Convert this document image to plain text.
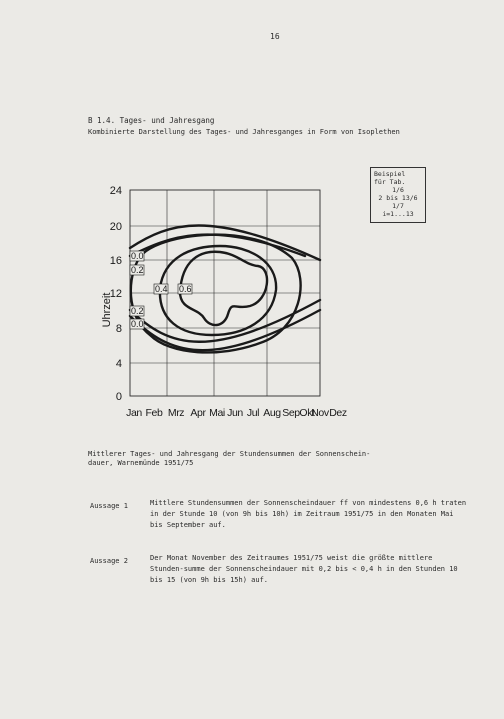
16
B 1.4. Tages- und Jahresgang
Kombinierte Darstellung des Tages- und Jahresganges in Form von Isoplethen
Beispiel
für Tab.
1/6
2 bis 13/6
1/7
i=1...13
24
20
16
12
8
4
0
Uhrzeit
Jan Feb Mrz Apr Mai Jun Jul Aug Sep Okt
Nov Dez
0.0
0.2
0.4 0.6
0.2
0.0
Mittlerer Tages- und Jahresgang der Stundensummen der Sonnenschein-dauer, Warnemünde 1951/75
Aussage 1	Mittlere Stundensummen der Sonnenscheindauer ff von mindestens 0,6 h traten in der Stunde 10 (von 9h bis 10h) im Zeitraum 1951/75 in den Monaten Mai bis September auf.
Aussage 2	Der Monat November des Zeitraumes 1951/75 weist die größte mittlere Stunden-summe der Sonnenscheindauer mit 0,2 bis < 0,4 h in den Stunden 10 bis 15 (von 9h bis 15h) auf.
